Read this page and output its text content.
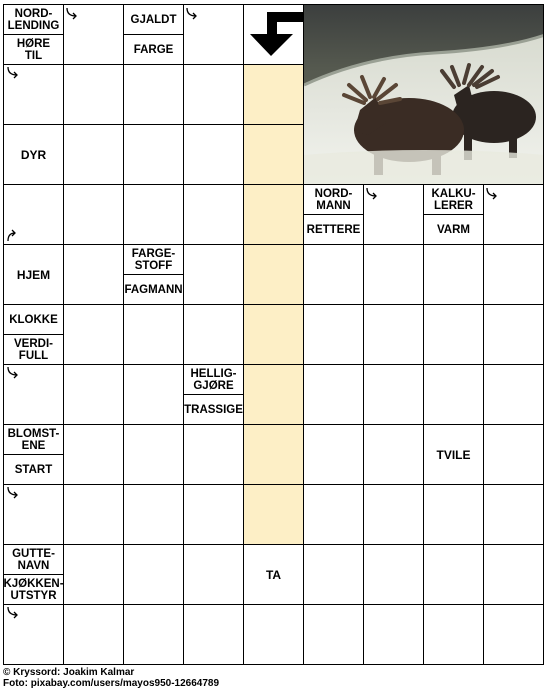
NORD-
LENDING
HØRE
TIL
GJALDT
FARGE
DYR
NORD-
MANN
RETTERE
KALKU-
LERER
VARM
HJEM
FARGE-
STOFF
FAGMANN
KLOKKE
VERDI-
FULL
HELLIG-
GJØRE
TRASSIGE
BLOMST-
ENE
START
TVILE
GUTTE-
NAVN
KJØKKEN-
UTSTYR
TA
© Kryssord: Joakim Kalmar
Foto: pixabay.com/users/mayos950-12664789
